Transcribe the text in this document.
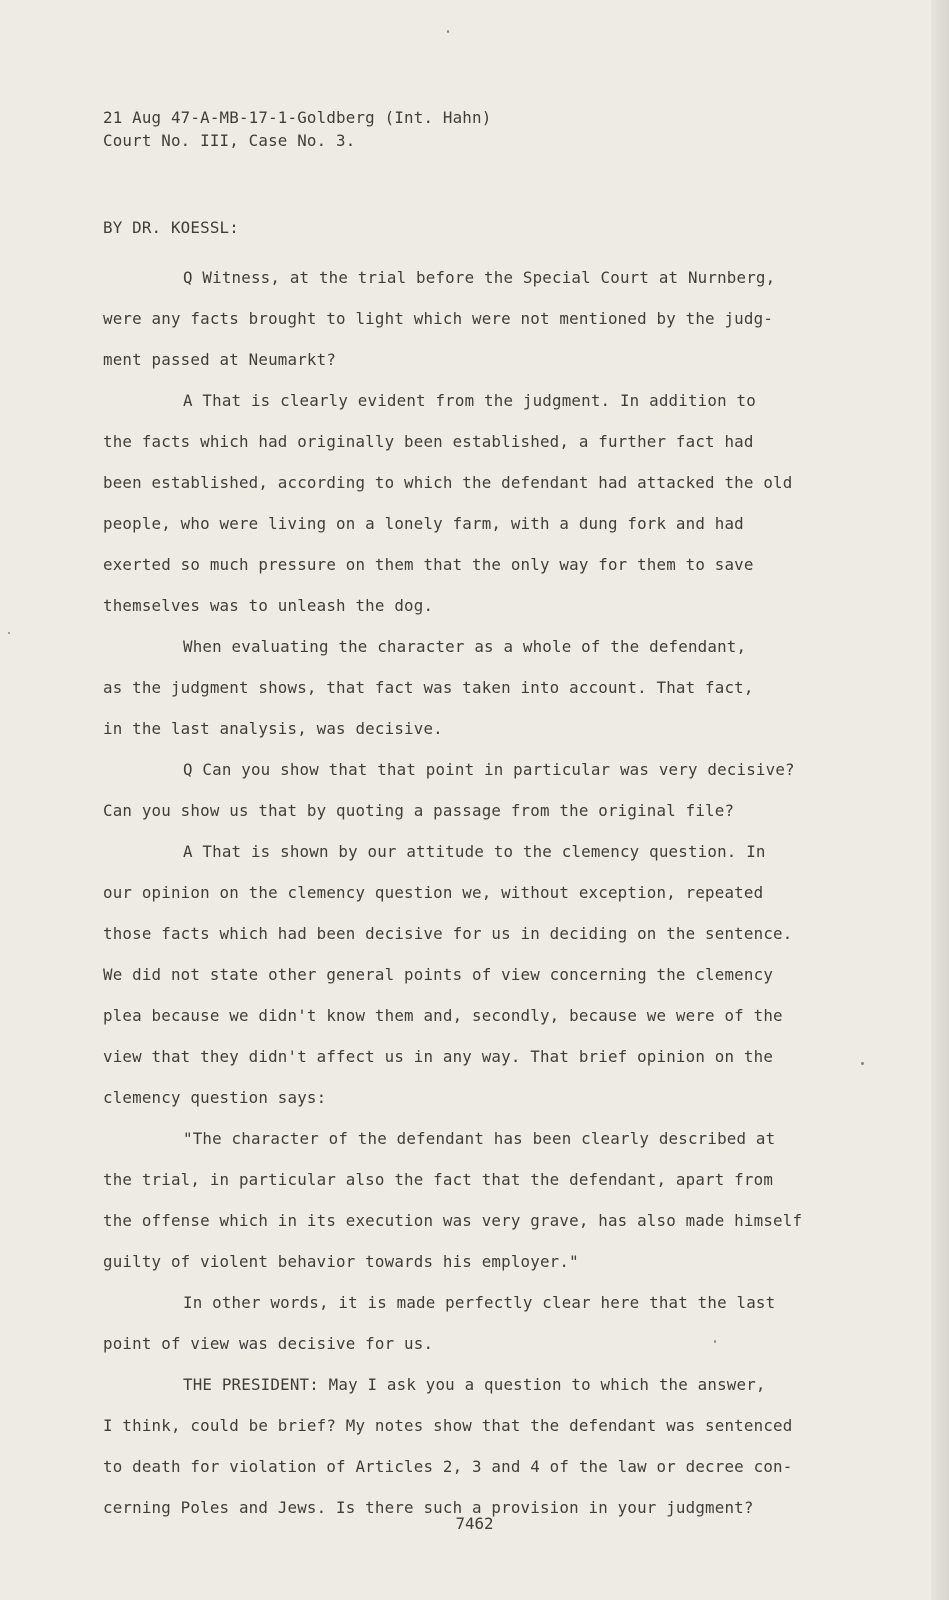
21 Aug 47-A-MB-17-1-Goldberg (Int. Hahn)

Court No. III, Case No. 3.

BY DR. KOESSL:

Q Witness, at the trial before the Special Court at Nurnberg,
were any facts brought to light which were not mentioned by the judg-
ment passed at Neumarkt?
A That is clearly evident from the judgment. In addition to
the facts which had originally been established, a further fact had
been established, according to which the defendant had attacked the old
people, who were living on a lonely farm, with a dung fork and had
exerted so much pressure on them that the only way for them to save
themselves was to unleash the dog.
When evaluating the character as a whole of the defendant,
as the judgment shows, that fact was taken into account. That fact,
in the last analysis, was decisive.
Q Can you show that that point in particular was very decisive?
Can you show us that by quoting a passage from the original file?
A That is shown by our attitude to the clemency question. In
our opinion on the clemency question we, without exception, repeated
those facts which had been decisive for us in deciding on the sentence.
We did not state other general points of view concerning the clemency
plea because we didn't know them and, secondly, because we were of the
view that they didn't affect us in any way. That brief opinion on the
clemency question says:
"The character of the defendant has been clearly described at
the trial, in particular also the fact that the defendant, apart from
the offense which in its execution was very grave, has also made himself
guilty of violent behavior towards his employer."
In other words, it is made perfectly clear here that the last
point of view was decisive for us.
THE PRESIDENT: May I ask you a question to which the answer,
I think, could be brief? My notes show that the defendant was sentenced
to death for violation of Articles 2, 3 and 4 of the law or decree con-
cerning Poles and Jews. Is there such a provision in your judgment?
7462
